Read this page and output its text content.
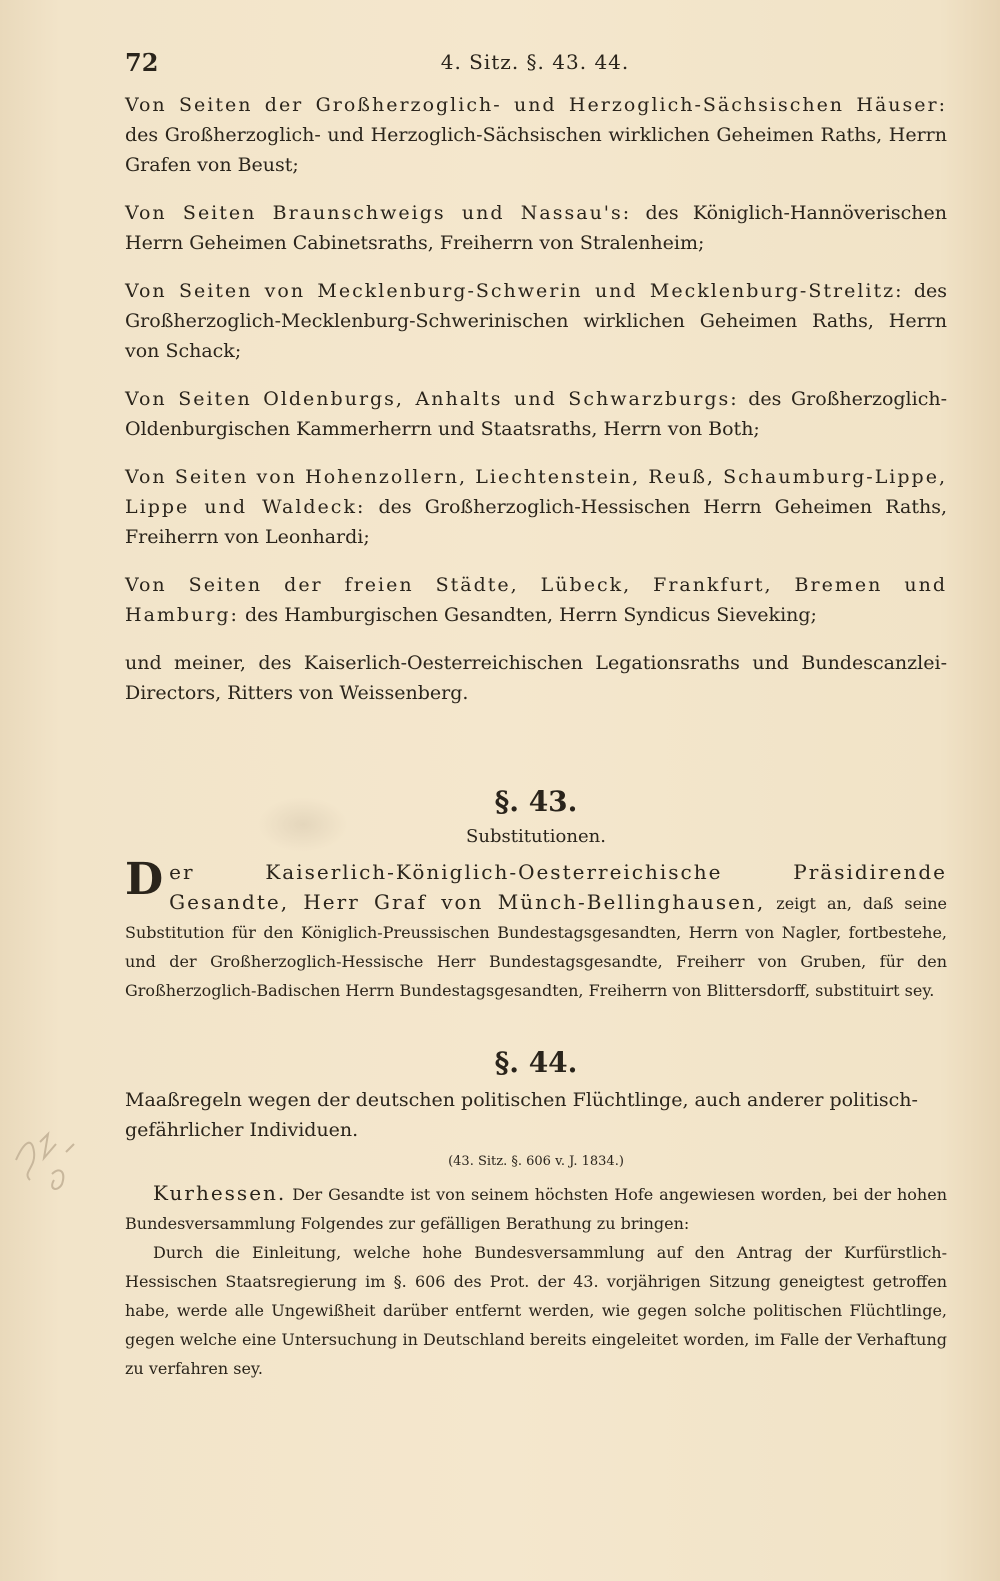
72	4. Sitz. §. 43. 44.

Von Seiten der Großherzoglich- und Herzoglich-Sächsischen Häuser: des Großherzoglich- und Herzoglich-Sächsischen wirklichen Geheimen Raths, Herrn Grafen von Beust;

Von Seiten Braunschweigs und Nassau's: des Königlich-Hannöverischen Herrn Geheimen Cabinetsraths, Freiherrn von Stralenheim;

Von Seiten von Mecklenburg-Schwerin und Mecklenburg-Strelitz: des Großherzoglich-Mecklenburg-Schwerinischen wirklichen Geheimen Raths, Herrn von Schack;

Von Seiten Oldenburgs, Anhalts und Schwarzburgs: des Großherzoglich-Oldenburgischen Kammerherrn und Staatsraths, Herrn von Both;

Von Seiten von Hohenzollern, Liechtenstein, Reuß, Schaumburg-Lippe, Lippe und Waldeck: des Großherzoglich-Hessischen Herrn Geheimen Raths, Freiherrn von Leonhardi;

Von Seiten der freien Städte, Lübeck, Frankfurt, Bremen und Hamburg: des Hamburgischen Gesandten, Herrn Syndicus Sieveking;

und meiner, des Kaiserlich-Oesterreichischen Legationsraths und Bundescanzlei-Directors, Ritters von Weissenberg.

§. 43.
Substitutionen.

Der Kaiserlich-Königlich-Oesterreichische Präsidirende Gesandte, Herr Graf von Münch-Bellinghausen, zeigt an, daß seine Substitution für den Königlich-Preussischen Bundestagsgesandten, Herrn von Nagler, fortbestehe, und der Großherzoglich-Hessische Herr Bundestagsgesandte, Freiherr von Gruben, für den Großherzoglich-Badischen Herrn Bundestagsgesandten, Freiherrn von Blittersdorff, substituirt sey.

§. 44.
Maaßregeln wegen der deutschen politischen Flüchtlinge, auch anderer politisch-gefährlicher Individuen.
(43. Sitz. §. 606 v. J. 1834.)

Kurhessen. Der Gesandte ist von seinem höchsten Hofe angewiesen worden, bei der hohen Bundesversammlung Folgendes zur gefälligen Berathung zu bringen:

Durch die Einleitung, welche hohe Bundesversammlung auf den Antrag der Kurfürstlich-Hessischen Staatsregierung im §. 606 des Prot. der 43. vorjährigen Sitzung geneigtest getroffen habe, werde alle Ungewißheit darüber entfernt werden, wie gegen solche politischen Flüchtlinge, gegen welche eine Untersuchung in Deutschland bereits eingeleitet worden, im Falle der Verhaftung zu verfahren sey.
